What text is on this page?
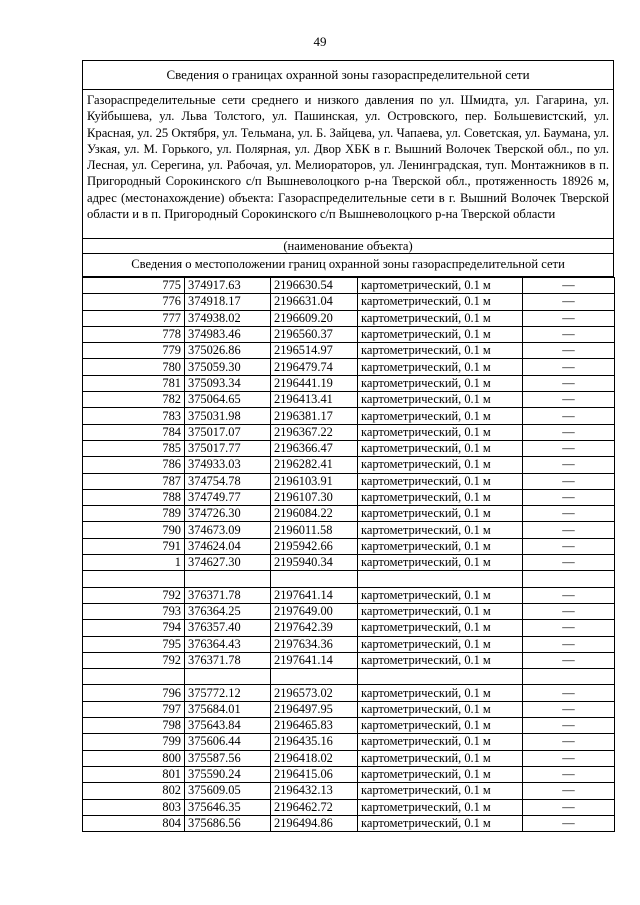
49
Сведения о границах охранной зоны газораспределительной сети
Газораспределительные сети среднего и низкого давления по ул. Шмидта, ул. Гагарина, ул. Куйбышева, ул. Льва Толстого, ул. Пашинская, ул. Островского, пер. Большевистский, ул. Красная, ул. 25 Октября, ул. Тельмана, ул. Б. Зайцева, ул. Чапаева, ул. Советская, ул. Баумана, ул. Узкая, ул. М. Горького, ул. Полярная, ул. Двор ХБК в г. Вышний Волочек Тверской обл., по ул. Лесная, ул. Серегина, ул. Рабочая, ул. Мелиораторов, ул. Ленинградская, туп. Монтажников в п. Пригородный Сорокинского с/п Вышневолоцкого р-на Тверской обл., протяженность 18926 м, адрес (местонахождение) объекта: Газораспределительные сети в г. Вышний Волочек Тверской области и в п. Пригородный Сорокинского с/п Вышневолоцкого р-на Тверской области
(наименование объекта)
Сведения о местоположении границ охранной зоны газораспределительной сети
775	374917.63	2196630.54	картометрический, 0.1 м	—
776	374918.17	2196631.04	картометрический, 0.1 м	—
777	374938.02	2196609.20	картометрический, 0.1 м	—
778	374983.46	2196560.37	картометрический, 0.1 м	—
779	375026.86	2196514.97	картометрический, 0.1 м	—
780	375059.30	2196479.74	картометрический, 0.1 м	—
781	375093.34	2196441.19	картометрический, 0.1 м	—
782	375064.65	2196413.41	картометрический, 0.1 м	—
783	375031.98	2196381.17	картометрический, 0.1 м	—
784	375017.07	2196367.22	картометрический, 0.1 м	—
785	375017.77	2196366.47	картометрический, 0.1 м	—
786	374933.03	2196282.41	картометрический, 0.1 м	—
787	374754.78	2196103.91	картометрический, 0.1 м	—
788	374749.77	2196107.30	картометрический, 0.1 м	—
789	374726.30	2196084.22	картометрический, 0.1 м	—
790	374673.09	2196011.58	картометрический, 0.1 м	—
791	374624.04	2195942.66	картометрический, 0.1 м	—
1	374627.30	2195940.34	картометрический, 0.1 м	—

792	376371.78	2197641.14	картометрический, 0.1 м	—
793	376364.25	2197649.00	картометрический, 0.1 м	—
794	376357.40	2197642.39	картометрический, 0.1 м	—
795	376364.43	2197634.36	картометрический, 0.1 м	—
792	376371.78	2197641.14	картометрический, 0.1 м	—

796	375772.12	2196573.02	картометрический, 0.1 м	—
797	375684.01	2196497.95	картометрический, 0.1 м	—
798	375643.84	2196465.83	картометрический, 0.1 м	—
799	375606.44	2196435.16	картометрический, 0.1 м	—
800	375587.56	2196418.02	картометрический, 0.1 м	—
801	375590.24	2196415.06	картометрический, 0.1 м	—
802	375609.05	2196432.13	картометрический, 0.1 м	—
803	375646.35	2196462.72	картометрический, 0.1 м	—
804	375686.56	2196494.86	картометрический, 0.1 м	—
